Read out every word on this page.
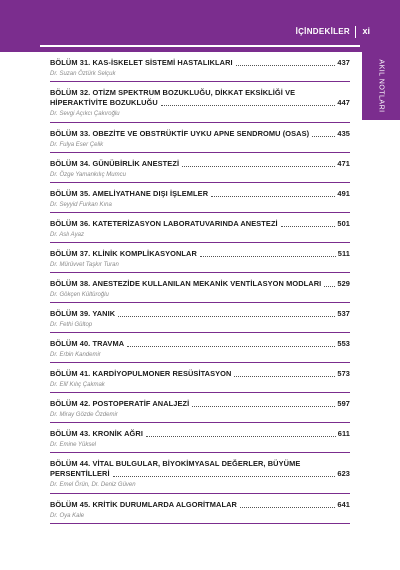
İÇİNDEKİLER xi
AKIL NOTLARI
BÖLÜM 31. KAS-İSKELET SİSTEMİ HASTALIKLARI	437
Dr. Suzan Öztürk Selçuk
BÖLÜM 32. OTİZM SPEKTRUM BOZUKLUĞU, DİKKAT EKSİKLİĞİ VE
HİPERAKTİVİTE BOZUKLUĞU	447
Dr. Sevgi Açıkcı Çakıroğlu
BÖLÜM 33. OBEZİTE VE OBSTRÜKTİF UYKU APNE SENDROMU (OSAS)	435
Dr. Fulya Eser Çelik
BÖLÜM 34. GÜNÜBİRLİK ANESTEZİ	471
Dr. Özge Yamankılıç Mumcu
BÖLÜM 35. AMELİYATHANE DIŞI İŞLEMLER	491
Dr. Seyyid Furkan Kına
BÖLÜM 36. KATETERİZASYON LABORATUVARINDA ANESTEZİ	501
Dr. Aslı Ayaz
BÖLÜM 37. KLİNİK KOMPLİKASYONLAR	511
Dr. Mürüvvet Taşkır Turan
BÖLÜM 38. ANESTEZİDE KULLANILAN MEKANİK VENTİLASYON MODLARI 529
Dr. Gökçen Kültüroğlu
BÖLÜM 39. YANIK	537
Dr. Fethi Gültop
BÖLÜM 40. TRAVMA	553
Dr. Erbin Kandemir
BÖLÜM 41. KARDİYOPULMONER RESÜSİTASYON	573
Dr. Elif Kılıç Çakmak
BÖLÜM 42. POSTOPERATİF ANALJEZİ	597
Dr. Miray Gözde Özdemir
BÖLÜM 43. KRONİK AĞRI	611
Dr. Emine Yüksel
BÖLÜM 44. VİTAL BULGULAR, BİYOKİMYASAL DEĞERLER, BÜYÜME
PERSENTİLLERİ	623
Dr. Emel Örün, Dr. Deniz Güven
BÖLÜM 45. KRİTİK DURUMLARDA ALGORİTMALAR	641
Dr. Oya Kale
